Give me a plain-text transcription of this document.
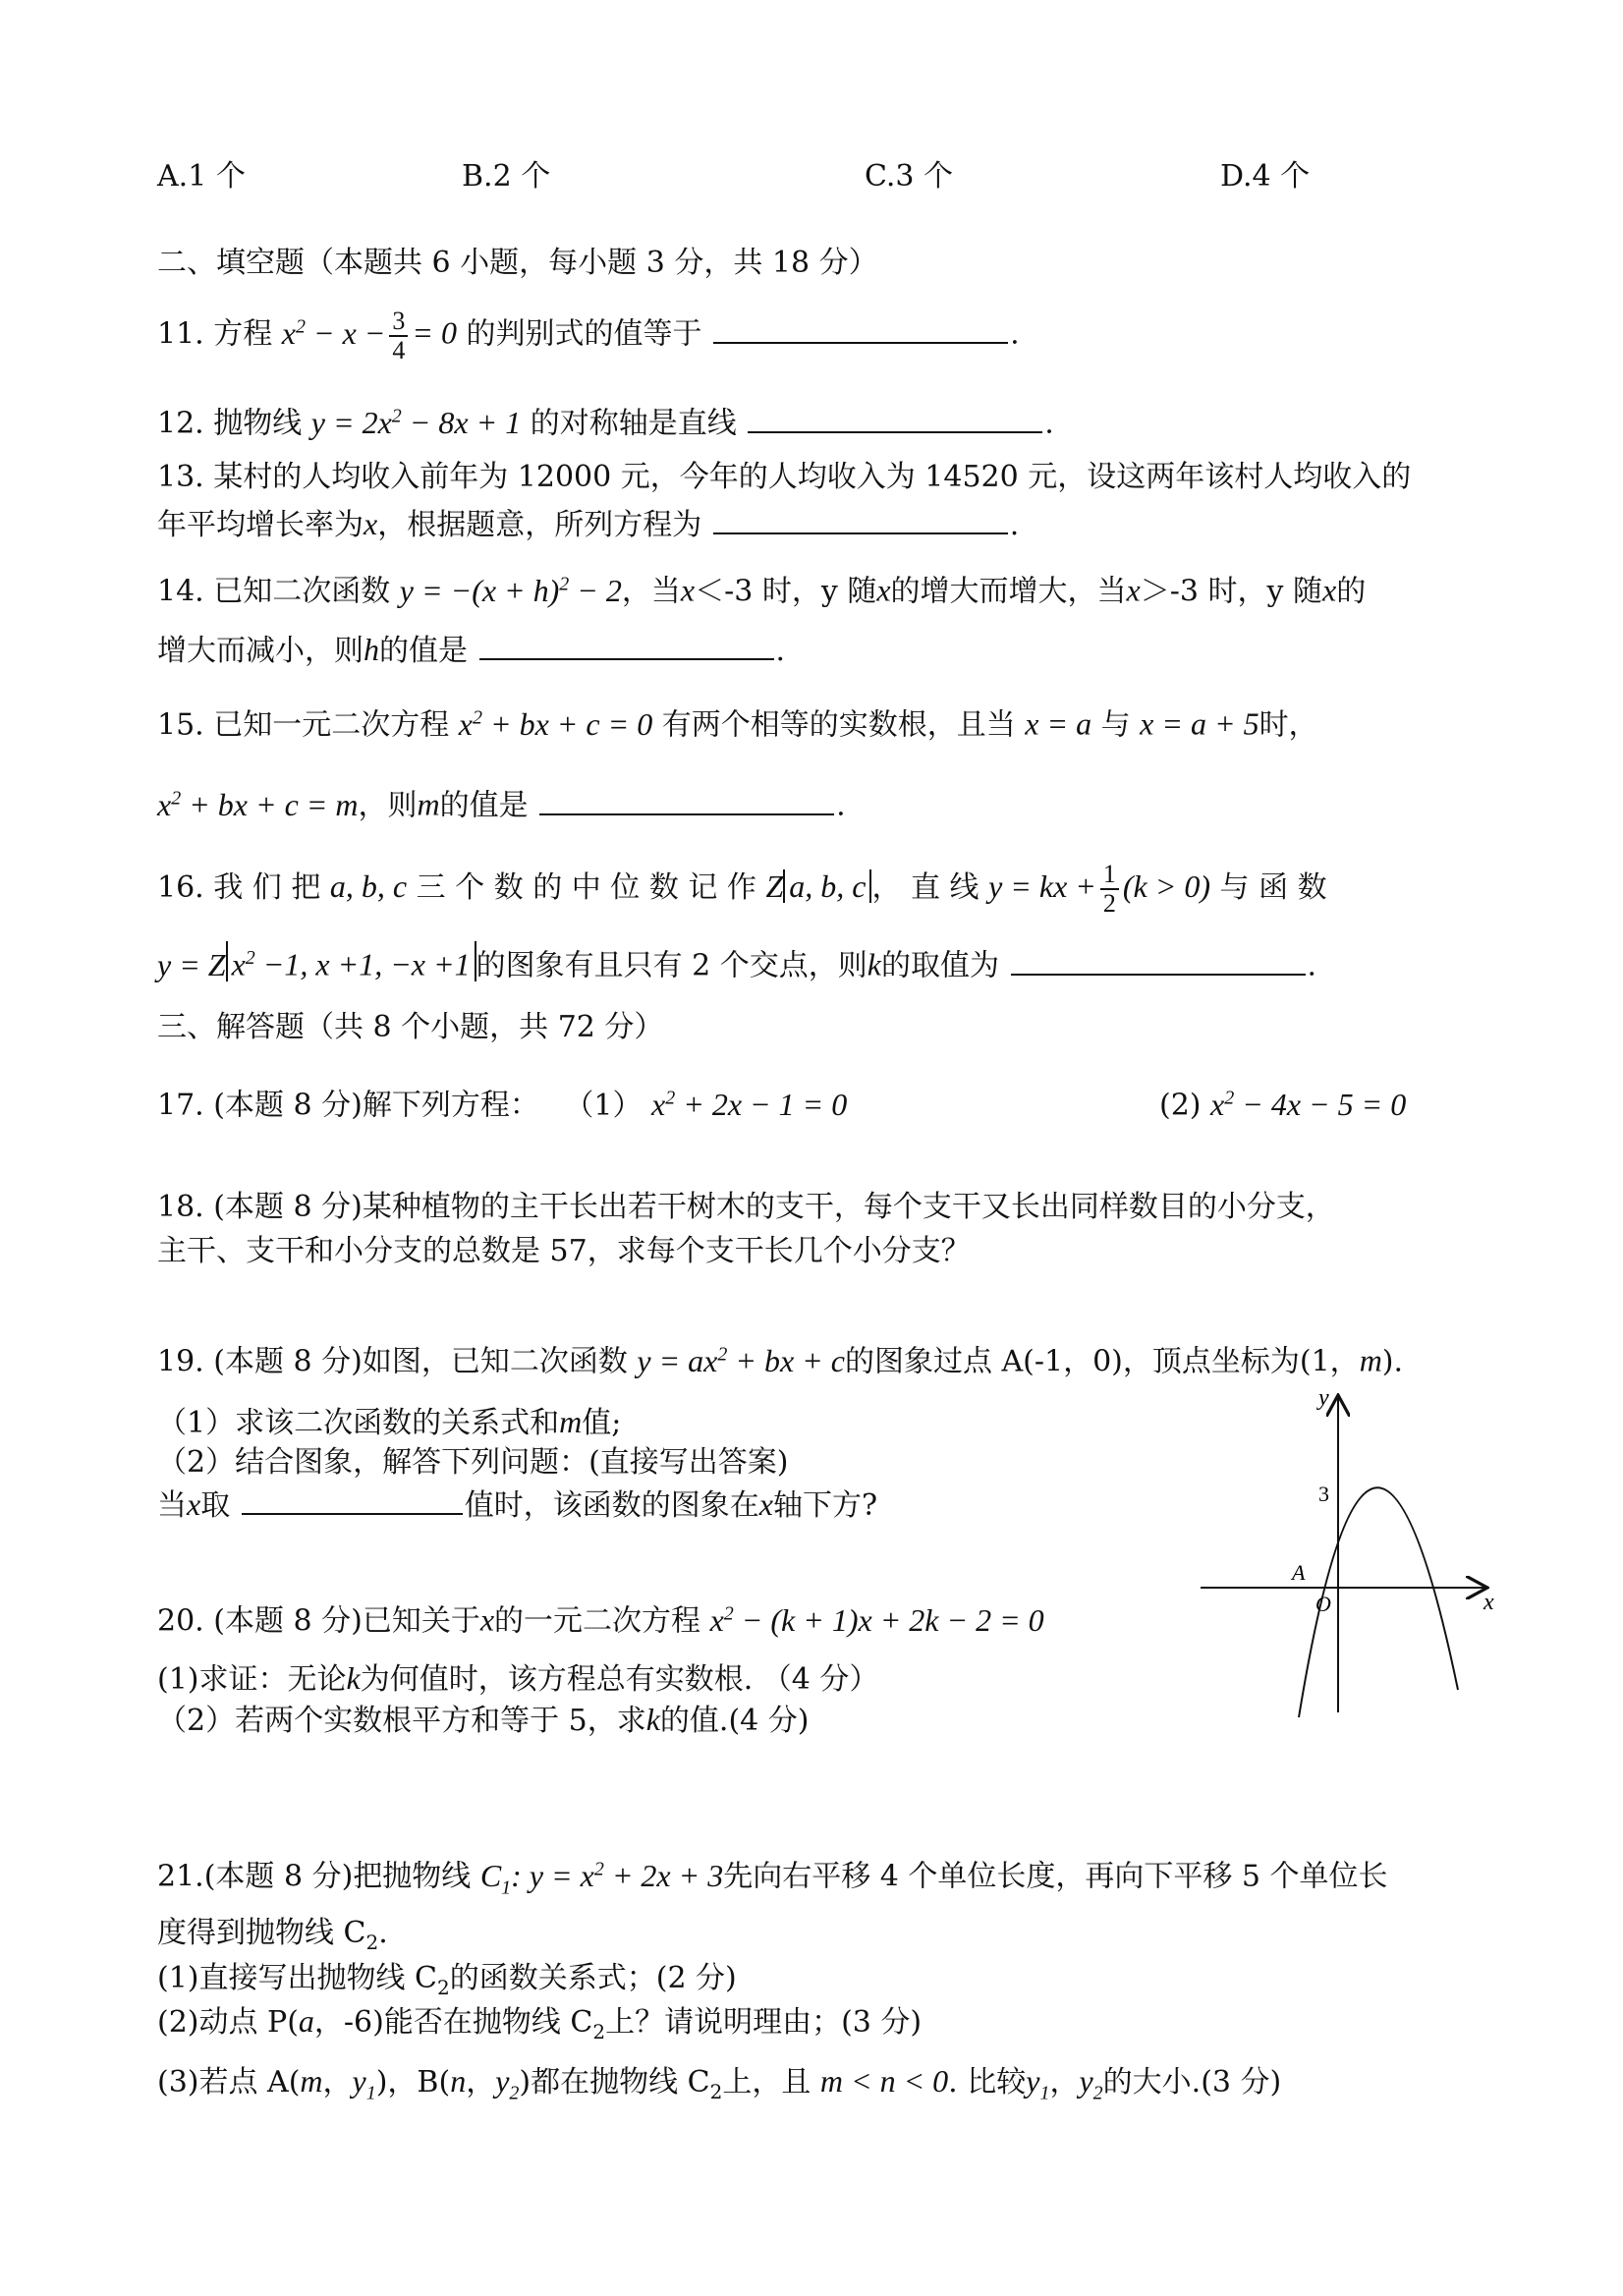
A.1 个	B.2 个	C.3 个	D.4 个
二、填空题（本题共 6 小题，每小题 3 分，共 18 分）
11. 方程 $x^2 - x - \frac{3}{4} = 0$ 的判别式的值等于	.
12. 抛物线 $y = 2x^2 - 8x + 1$ 的对称轴是直线	.
13. 某村的人均收入前年为 12000 元，今年的人均收入为 14520 元，设这两年该村人均收入的
年平均增长率为x，根据题意，所列方程为	.
14. 已知二次函数 $y = -(x + h)^2 - 2$，当x＜-3 时，y 随x的增大而增大，当x＞-3 时，y 随x的
增大而减小，则h的值是	.
15. 已知一元二次方程 $x^2$ + bx + c = 0 有两个相等的实数根，且当 x = a 与 x = a + 5时，
$x^2$ + bx + c = m，则m的值是	.
16. 我 们 把 a, b, c 三 个 数 的 中 位 数 记 作 Z a, b, c ， 直 线 y = kx + $\frac{1}{2} (k > 0)$ 与 函 数
y = Z $x^2 -1$, x +1, −x +1 的图象有且只有 2 个交点，则k的取值为	.
三、解答题（共 8 个小题，共 72 分）
17. (本题 8 分)解下列方程： （1） $x^2 + 2x - 1 = 0$	(2) $x^2 - 4x - 5 = 0$
18. (本题 8 分)某种植物的主干长出若干树木的支干，每个支干又长出同样数目的小分支，
主干、支干和小分支的总数是 57，求每个支干长几个小分支？
19. (本题 8 分)如图，已知二次函数 $y = ax^2$ + bx + c的图象过点 A(-1，0)，顶点坐标为(1，m).
（1）求该二次函数的关系式和m值;
（2）结合图象，解答下列问题：(直接写出答案)
当x取	值时，该函数的图象在x轴下方?
20. (本题 8 分)已知关于x的一元二次方程 $x^2 - (k + 1)x + 2k - 2 = 0$
(1)求证：无论k为何值时，该方程总有实数根. （4 分）
（2）若两个实数根平方和等于 5，求k的值.(4 分)
21.(本题 8 分)把抛物线 $C_1$: $y = x^2 + 2x + 3$先向右平移 4 个单位长度，再向下平移 5 个单位长
度得到抛物线 $C_2$.
(1)直接写出抛物线 $C_2$的函数关系式；(2 分)
(2)动点 P(a，-6)能否在抛物线 $C_2$上？请说明理由；(3 分)
(3)若点 A(m，$y_1$)，B(n，$y_2$)都在抛物线 $C_2$上，且 m < n < 0. 比较$y_1$，$y_2$的大小.(3 分)
y
x
O
A
3
